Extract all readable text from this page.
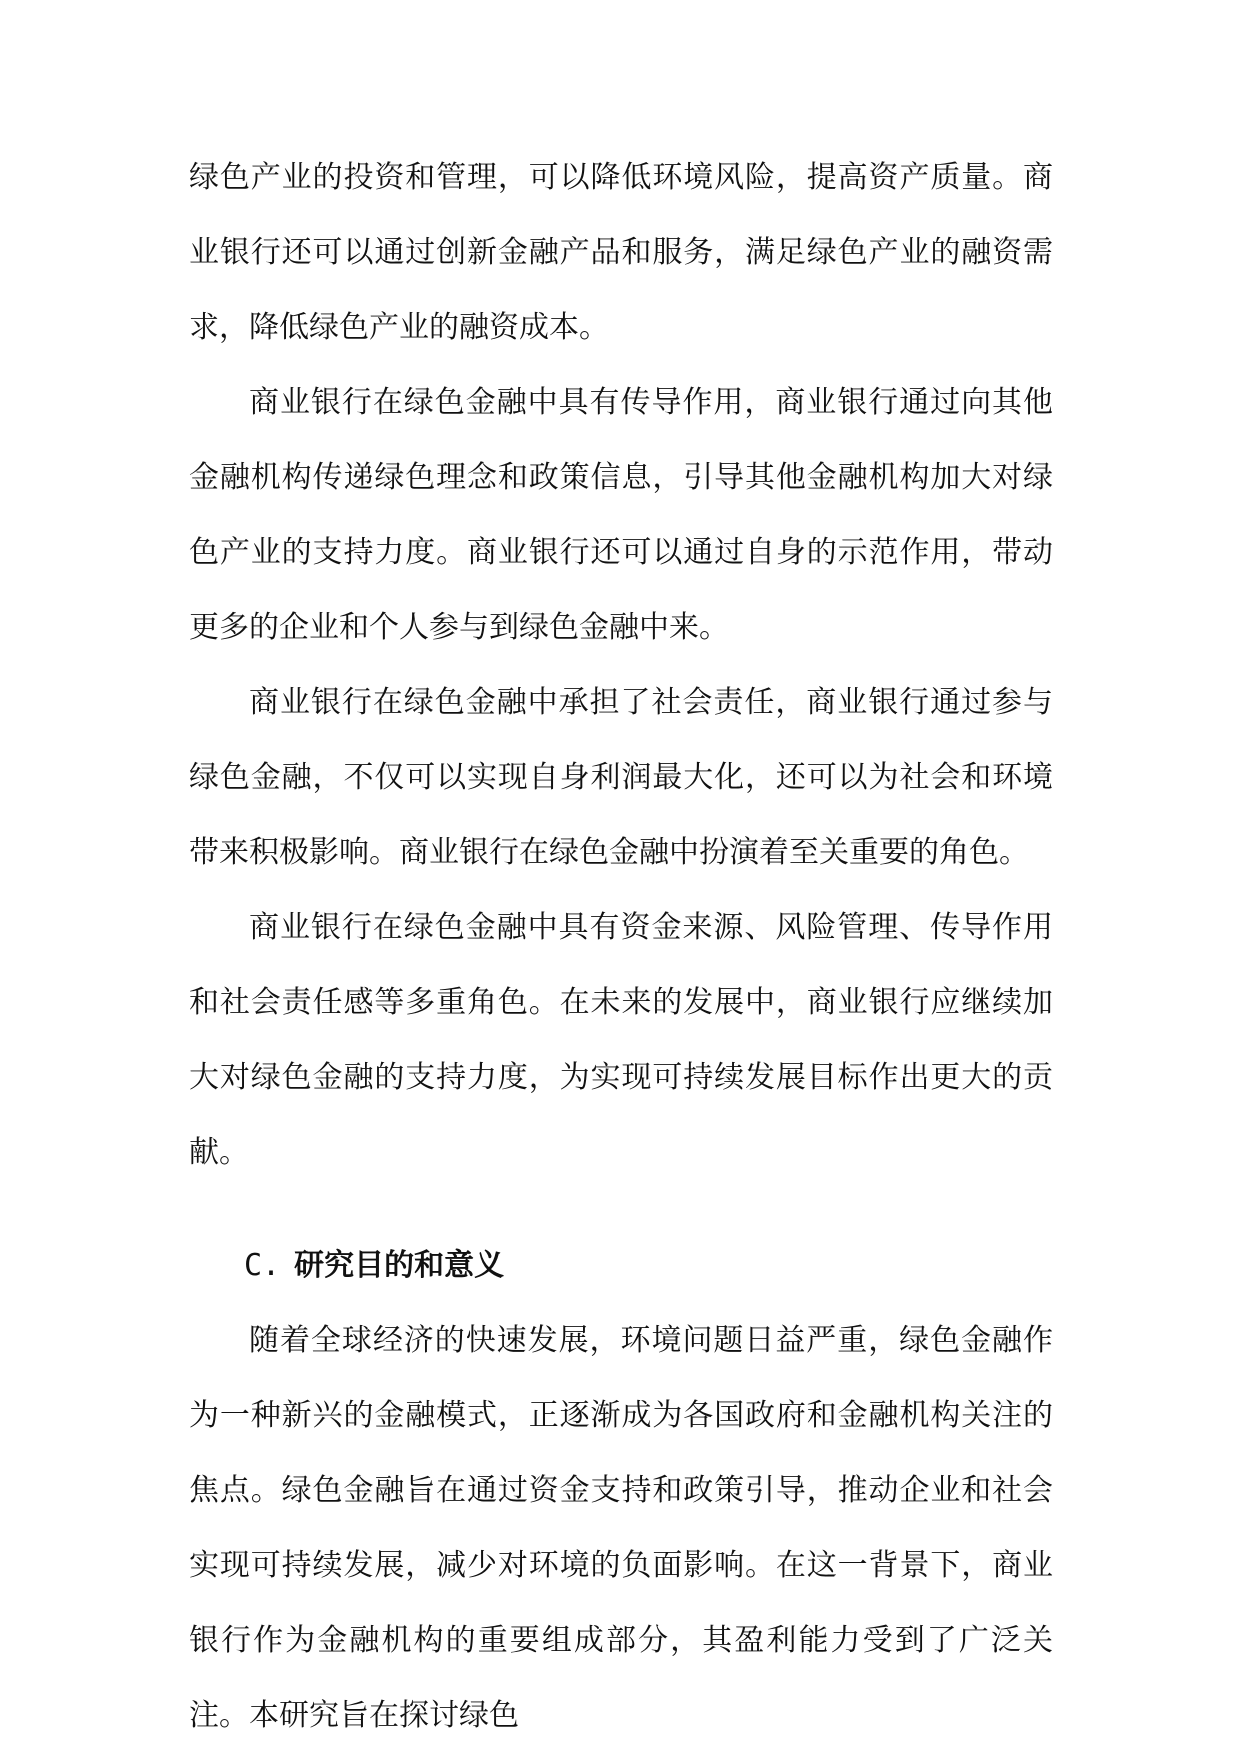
绿色产业的投资和管理，可以降低环境风险，提高资产质量。商业银行还可以通过创新金融产品和服务，满足绿色产业的融资需求，降低绿色产业的融资成本。

商业银行在绿色金融中具有传导作用，商业银行通过向其他金融机构传递绿色理念和政策信息，引导其他金融机构加大对绿色产业的支持力度。商业银行还可以通过自身的示范作用，带动更多的企业和个人参与到绿色金融中来。

商业银行在绿色金融中承担了社会责任，商业银行通过参与绿色金融，不仅可以实现自身利润最大化，还可以为社会和环境带来积极影响。商业银行在绿色金融中扮演着至关重要的角色。

商业银行在绿色金融中具有资金来源、风险管理、传导作用和社会责任感等多重角色。在未来的发展中，商业银行应继续加大对绿色金融的支持力度，为实现可持续发展目标作出更大的贡献。

C. 研究目的和意义

随着全球经济的快速发展，环境问题日益严重，绿色金融作为一种新兴的金融模式，正逐渐成为各国政府和金融机构关注的焦点。绿色金融旨在通过资金支持和政策引导，推动企业和社会实现可持续发展，减少对环境的负面影响。在这一背景下，商业银行作为金融机构的重要组成部分，其盈利能力受到了广泛关注。本研究旨在探讨绿色
